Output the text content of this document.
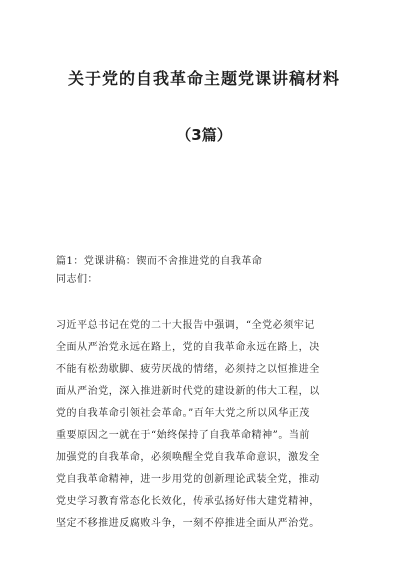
关于党的自我革命主题党课讲稿材料
（3篇）
篇1：党课讲稿：锲而不舍推进党的自我革命
同志们：
习近平总书记在党的二十大报告中强调，“全党必须牢记
全面从严治党永远在路上，党的自我革命永远在路上，决
不能有松劲歇脚、疲劳厌战的情绪，必须持之以恒推进全
面从严治党，深入推进新时代党的建设新的伟大工程，以
党的自我革命引领社会革命。”百年大党之所以风华正茂
重要原因之一就在于“始终保持了自我革命精神”。当前
加强党的自我革命，必须唤醒全党自我革命意识，激发全
党自我革命精神，进一步用党的创新理论武装全党，推动
党史学习教育常态化长效化，传承弘扬好伟大建党精神，
坚定不移推进反腐败斗争，一刻不停推进全面从严治党。
